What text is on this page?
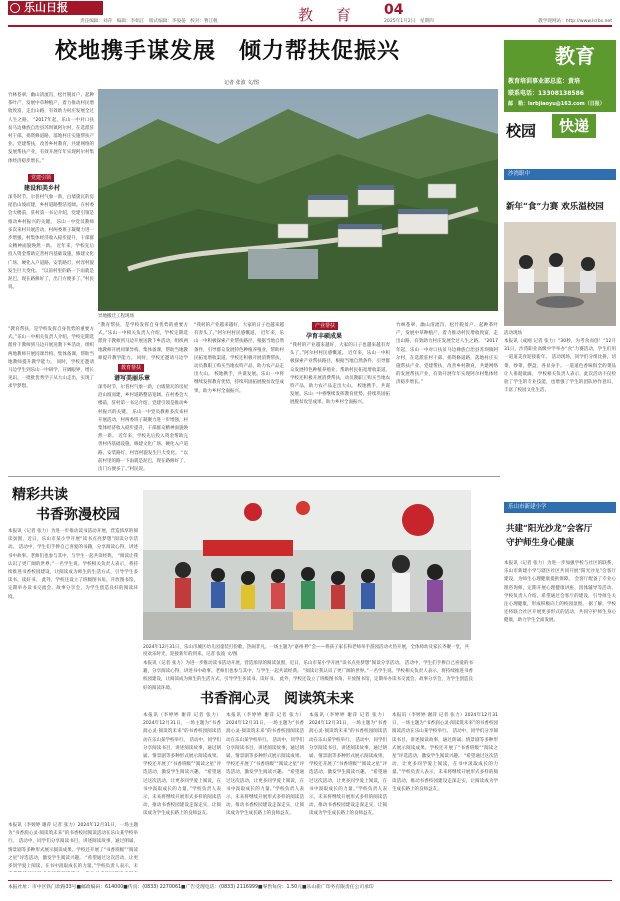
乐山日报
责任编辑：刘萍　编辑：李娟江　版式编辑：李晏晏　校对：曹江帆	教　育 04
2025年1月2日　星期四	教学现网站：http://www.lsrbs.net
校地携手谋发展　倾力帮扶促振兴
记者 张波 文/图
竹林苍翠，幽山清流泻，松竹脱贫户、起种茶叶产，发展中草种植产，着力推动村民增收致富，走出山路，有效助力村庄发展全过人生之路。 “2017年起，乐山一中对口扶贫马边彝族自治县苏坝镇阿尔村，在选派驻村干部、捐资修道路，落地村庄实施帮扶产业、党建帮扶，改善乡村教育，共建网络的发展帮扶产业，有效开展年年实现阿尔村集体经济稳步增长。”
党建引领
建设和美乡村
深冬时节，尔普村气象一新，白墙黛瓦的房屋沿山坡而建，乡村道路整洁宽阔。在村委会大楼前，驻村第一书记介绍，党建引领是推动乡村振兴的关键。 乐山一中党员教师多次来村开展活动，村两委班子凝聚力进一步增强，村集体经济收入稳步提升，干部群众精神面貌焕然一新。 近年来，学校先后投入资金帮助完善村内基础设施，修建文化广场、硬化入户道路、安装路灯，村容村貌发生巨大变化。 “以前村里的路一下雨就是泥巴，现在路修好了，出门方便多了。”村民说。
异地搬迁工程现场
“教育帮扶，是学校发挥自身优势的重要方式。”乐山一中相关负责人介绍，学校定期选派骨干教师到马边开展送教下乡活动，组织两地教师开展同课异构、集体备课，帮助当地教师提升教学能力。 同时，学校还邀请马边学生到乐山一中研学，开阔眼界，增长见识。一批批优秀学子从大山走出，实现了求学梦想。
“教育帮扶，是学校发挥自身优势的重要方式。”乐山一中相关负责人介绍，学校定期选派骨干教师到马边开展送教下乡活动，组织两地教师开展同课异构、集体备课，帮助当地教师提升教学能力。 同时，学校还邀请马边学
教育帮扶
谱写美丽乐章
深冬时节，尔普村气象一新，白墙黛瓦的房屋沿山坡而建，乡村道路整洁宽阔。在村委会大楼前，驻村第一书记介绍，党建引领是推动乡村振兴的关键。 乐山一中党员教师多次来村开展活动，村两委班子凝聚力进一步增强，村集体经济收入稳步提升，干部群众精神面貌焕然一新。 近年来，学校先后投入资金帮助完善村内基础设施，修建文化广场、硬化入户道路、安装路灯，村容村貌发生巨大变化。 “以前村里的路一下雨就是泥巴，现在路修好了，出门方便多了。”村民说。
“我村的产业越来越好，大家的日子也越来越有奔头了。”阿尔村村民感慨道。 近年来，乐山一中积极探索产业帮扶路径，根据当地自然条件，引导群众发展特色种植养殖业，帮助村民拓宽增收渠道。学校还积极开展消费帮扶，动员教职工购买当地农特产品，助力农产品走出大山。 校地携手，共谋发展。乐山一中将继续发挥教育优势，持续巩固拓展脱贫攻坚成果，助力乡村全面振兴。
产业帮扶
孕育丰硕成果
“我村的产业越来越好，大家的日子也越来越有奔头了。”阿尔村村民感慨道。 近年来，乐山一中积极探索产业帮扶路径，根据当地自然条件，引导群众发展特色种植养殖业，帮助村民拓宽增收渠道。学校还积极开展消费帮扶，动员教职工购买当地农特产品，助力农产品走出大山。 校地携手，共谋发展。乐山一中将继续发挥教育优势，持续巩固拓展脱贫攻坚成果，助力乡村全面振兴。
竹林苍翠，幽山清流泻，松竹脱贫户、起种茶叶产，发展中草种植产，着力推动村民增收致富，走出山路，有效助力村庄发展全过人生之路。 “2017年起，乐山一中对口扶贫马边彝族自治县苏坝镇阿尔村，在选派驻村干部、捐资修道路，落地村庄实施帮扶产业、党建帮扶，改善乡村教育，共建网络的发展帮扶产业，有效开展年年实现阿尔村集体经济稳步增长。”
精彩共读
书香弥漫校园
本报讯（记者 张力）为进一步推动读书活动开展，营造浓厚的阅读氛围，近日，乐山市某小学开展“读书点亮梦想”阅读分享活动。 活动中，学生们手捧自己喜爱的书籍，分享阅读心得，讲述书中故事。老师们也参与其中，与学生一起共读经典。 “阅读让我认识了更广阔的世界。”一名学生说。学校相关负责人表示，将持续推进书香校园建设，让阅读成为师生的生活方式，引导学生多读书、读好书。 此外，学校还设立了班级图书角、开放图书馆，定期举办读书交流会、故事分享会，为学生创造良好的阅读环境。
2024年12月31日，乐山市城区幼儿园童装打扮歌，热闹非凡。一场主题为“嘉州·秒”会——将孩子家长和老师举手游园活动火热开展，全体师幼及家长齐聚一堂，共度欢乐时光，迎接新年的到来。记者 张波 文/图
本报讯（记者 张力）为进一步推动读书活动开展，营造浓厚的阅读氛围，近日，乐山市某小学开展“读书点亮梦想”阅读分享活动。 活动中，学生们手捧自己喜爱的书籍，分享阅读心得，讲述书中故事。老师们也参与其中，与学生一起共读经典。 “阅读让我认识了更广阔的世界。”一名学生说。学校相关负责人表示，将持续推进书香校园建设，让阅读成为师生的生活方式，引导学生多读书、读好书。 此外，学校还设立了班级图书角、开放图书馆，定期举办读书交流会、故事分享会，为学生创造良好的阅读环境。
书香润心灵　阅读筑未来
本报讯（李婷婷 谢萍 记者 张力）2024年12月31日，一场主题为“书香润心灵·阅读筑未来”的书香校园阅读活动在乐山某学校举行。 活动中，同学们分享阅读书目，讲述阅读故事，通过朗诵、情景剧等多种形式展示阅读成果。学校还开展了“书香班级”“阅读之星”评选活动，激发学生阅读兴趣。 “希望通过这次活动，让更多同学爱上阅读，在书中汲取成长的力量。”学校负责人表示，未来将继续开展形式多样的阅读活动，推动书香校园建设走深走实，让阅读成为学生成长路上的良师益友。
本报讯（李婷婷 谢萍 记者 张力）2024年12月31日，一场主题为“书香润心灵·阅读筑未来”的书香校园阅读活动在乐山某学校举行。 活动中，同学们分享阅读书目，讲述阅读故事，通过朗诵、情景剧等多种形式展示阅读成果。学校还开展了“书香班级”“阅读之星”评选活动，激发学生阅读兴趣。 “希望通过这次活动，让更多同学爱上阅读，在书中汲取成长的力量。”学校负责人表示，未来将继续开展形式多样的阅读活动，推动书香校园建设走深走实，让阅读成为学生成长路上的良师益友。
本报讯（李婷婷 谢萍 记者 张力）2024年12月31日，一场主题为“书香润心灵·阅读筑未来”的书香校园阅读活动在乐山某学校举行。 活动中，同学们分享阅读书目，讲述阅读故事，通过朗诵、情景剧等多种形式展示阅读成果。学校还开展了“书香班级”“阅读之星”评选活动，激发学生阅读兴趣。 “希望通过这次活动，让更多同学爱上阅读，在书中汲取成长的力量。”学校负责人表示，未来将继续开展形式多样的阅读活动，推动书香校园建设走深走实，让阅读成为学生成长路上的良师益友。
本报讯（李婷婷 谢萍 记者 张力）2024年12月31日，一场主题为“书香润心灵·阅读筑未来”的书香校园阅读活动在乐山某学校举行。 活动中，同学们分享阅读书目，讲述阅读故事，通过朗诵、情景剧等多种形式展示阅读成果。学校还开展了“书香班级”“阅读之星”评选活动，激发学生阅读兴趣。 “希望通过这次活动，让更多同学爱上阅读，在书中汲取成长的力量。”学校负责人表示，未来将继续开展形式多样的阅读活动，推动书香校园建设走深走实，让阅读成为学生成长路上的良师益友。
本报讯（李婷婷 谢萍 记者 张力）2024年12月31日，一场主题为“书香润心灵·阅读筑未来”的书香校园阅读活动在乐山某学校举行。 活动中，同学们分享阅读书目，讲述阅读故事，通过朗诵、情景剧等多种形式展示阅读成果。学校还开展了“书香班级”“阅读之星”评选活动，激发学生阅读兴趣。 “希望通过这次活动，让更多同学爱上阅读，在书中汲取成长的力量。”学校负责人表示，未
教育
教育培训事业部总监：黄培
联系电话：13308138586
邮　箱：lsrbjiaoyu@163.com（日报）
校园	快递
沙湾职中
新年“食”力赛 欢乐溢校园
活动现场
本报讯（成刚 记者 张力）“30秒，为考食而创！”12月31日，沙湾职业高级中学举办“食”力赛活动，学生们用一道道美食迎接新年。 活动现场，同学们分组比拼，切菜、炒菜、摆盘，各显身手。一道道色香味俱全的菜品让人垂涎欲滴。 学校相关负责人表示，此次活动不仅检验了学生的专业技能，也增强了学生的团队协作意识，丰富了校园文化生活。
乐山市新建小学
共建“阳光沙龙”会客厅
守护师生身心健康
本报讯（记者 张力）为进一步加强学校与社区的联系，乐山市新建小学与辖区社区共同开展“阳光沙龙”会客厅建设，为师生心理健康提供保障。 会客厅配备了专业心理咨询师，定期开展心理健康讲座、团体辅导等活动。学校负责人介绍，希望通过会客厅的建设，引导师生关注心理健康，形成积极向上的校园氛围。 据了解，学校还将联合社区开展更多形式的活动，共同守护师生身心健康，助力学生全面发展。
本报社址：市中区铁门坎路33号■邮政编码：614000■传真：(0833) 2270061■广告受理电话：(0833) 2116999■零售每份：1.50元■乐山新广印务有限责任公司承印
